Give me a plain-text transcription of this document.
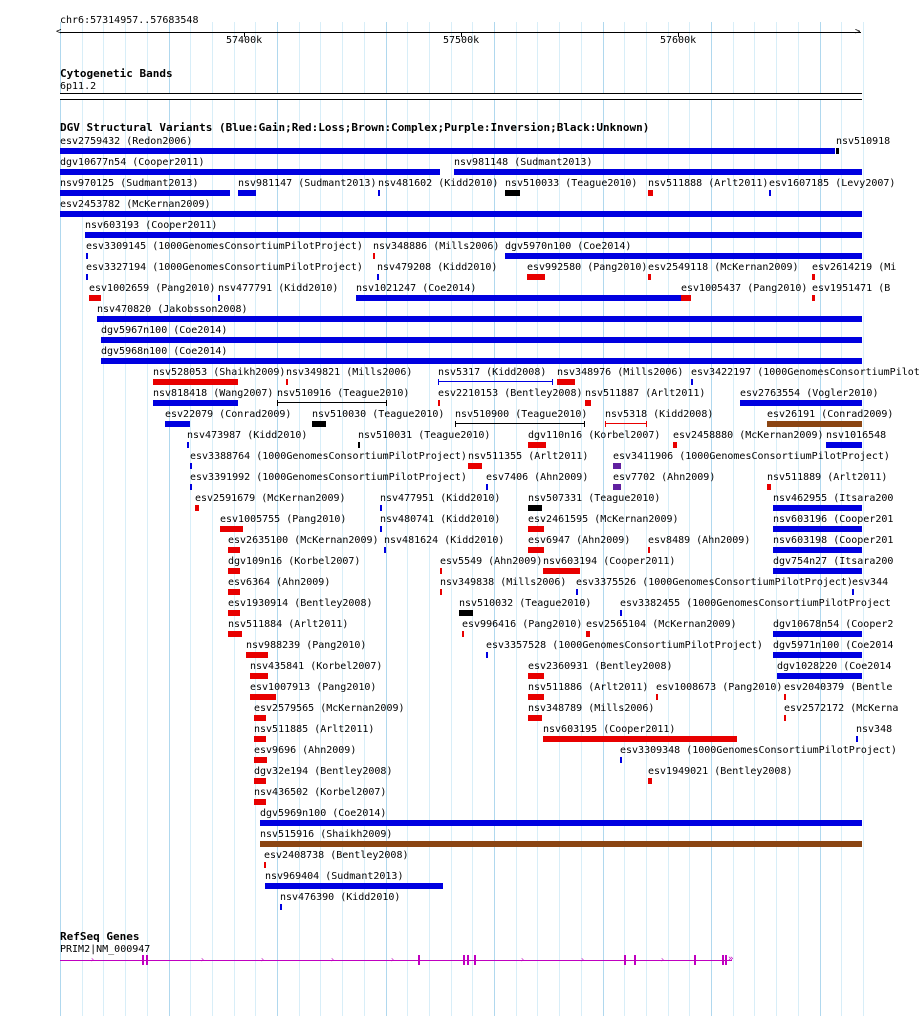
chr6:57314957..57683548
<	>
57400k	57500k	57600k
Cytogenetic Bands
6p11.2
DGV Structural Variants (Blue:Gain;Red:Loss;Brown:Complex;Purple:Inversion;Black:Unknown)
esv2759432 (Redon2006)	nsv510918
dgv10677n54 (Cooper2011)	nsv981148 (Sudmant2013)
nsv970125 (Sudmant2013)	nsv981147 (Sudmant2013) nsv481602 (Kidd2010) nsv510033 (Teague2010) nsv511888 (Arlt2011) esv1607185 (Levy2007)
esv2453782 (McKernan2009)
nsv603193 (Cooper2011)
esv3309145 (1000GenomesConsortiumPilotProject) nsv348886 (Mills2006) dgv5970n100 (Coe2014)
esv3327194 (1000GenomesConsortiumPilotProject) nsv479208 (Kidd2010)	esv992580 (Pang2010) esv2549118 (McKernan2009) esv2614219 (Mi
esv1002659 (Pang2010) nsv477791 (Kidd2010) nsv1021247 (Coe2014)	esv1005437 (Pang2010) esv1951471 (B
nsv470820 (Jakobsson2008)
dgv5967n100 (Coe2014)
dgv5968n100 (Coe2014)
nsv528053 (Shaikh2009) nsv349821 (Mills2006)	nsv5317 (Kidd2008) nsv348976 (Mills2006) esv3422197 (1000GenomesConsortiumPilot
nsv818418 (Wang2007) nsv510916 (Teague2010)	esv2210153 (Bentley2008) nsv511887 (Arlt2011)	esv2763554 (Vogler2010)
esv22079 (Conrad2009) nsv510030 (Teague2010) nsv510900 (Teague2010) nsv5318 (Kidd2008)	esv26191 (Conrad2009)
nsv473987 (Kidd2010)	nsv510031 (Teague2010)	dgv110n16 (Korbel2007) esv2458880 (McKernan2009) nsv1016548
esv3388764 (1000GenomesConsortiumPilotProject) nsv511355 (Arlt2011) esv3411906 (1000GenomesConsortiumPilotProject)
esv3391992 (1000GenomesConsortiumPilotProject) esv7406 (Ahn2009) esv7702 (Ahn2009)	nsv511889 (Arlt2011)
esv2591679 (McKernan2009)	nsv477951 (Kidd2010)	nsv507331 (Teague2010)	nsv462955 (Itsara200
esv1005755 (Pang2010)	nsv480741 (Kidd2010)	esv2461595 (McKernan2009)	nsv603196 (Cooper201
esv2635100 (McKernan2009) nsv481624 (Kidd2010) esv6947 (Ahn2009) esv8489 (Ahn2009) nsv603198 (Cooper201
dgv109n16 (Korbel2007)	esv5549 (Ahn2009) nsv603194 (Cooper2011)	dgv754n27 (Itsara200
esv6364 (Ahn2009)	nsv349838 (Mills2006) esv3375526 (1000GenomesConsortiumPilotProject) esv344
esv1930914 (Bentley2008)	nsv510032 (Teague2010)	esv3382455 (1000GenomesConsortiumPilotProject
nsv511884 (Arlt2011)	esv996416 (Pang2010) esv2565104 (McKernan2009)	dgv10678n54 (Cooper2
nsv988239 (Pang2010)	esv3357528 (1000GenomesConsortiumPilotProject) dgv5971n100 (Coe2014
nsv435841 (Korbel2007)	esv2360931 (Bentley2008)	dgv1028220 (Coe2014
esv1007913 (Pang2010)	nsv511886 (Arlt2011) esv1008673 (Pang2010) esv2040379 (Bentle
esv2579565 (McKernan2009)	nsv348789 (Mills2006)	esv2572172 (McKerna
nsv511885 (Arlt2011)	nsv603195 (Cooper2011)	nsv348
esv9696 (Ahn2009)	esv3309348 (1000GenomesConsortiumPilotProject)
dgv32e194 (Bentley2008)	esv1949021 (Bentley2008)
nsv436502 (Korbel2007)
dgv5969n100 (Coe2014)
nsv515916 (Shaikh2009)
esv2408738 (Bentley2008)
nsv969404 (Sudmant2013)
nsv476390 (Kidd2010)
RefSeq Genes
PRIM2|NM_000947
›	›	›	›	›	›	›	›	»
